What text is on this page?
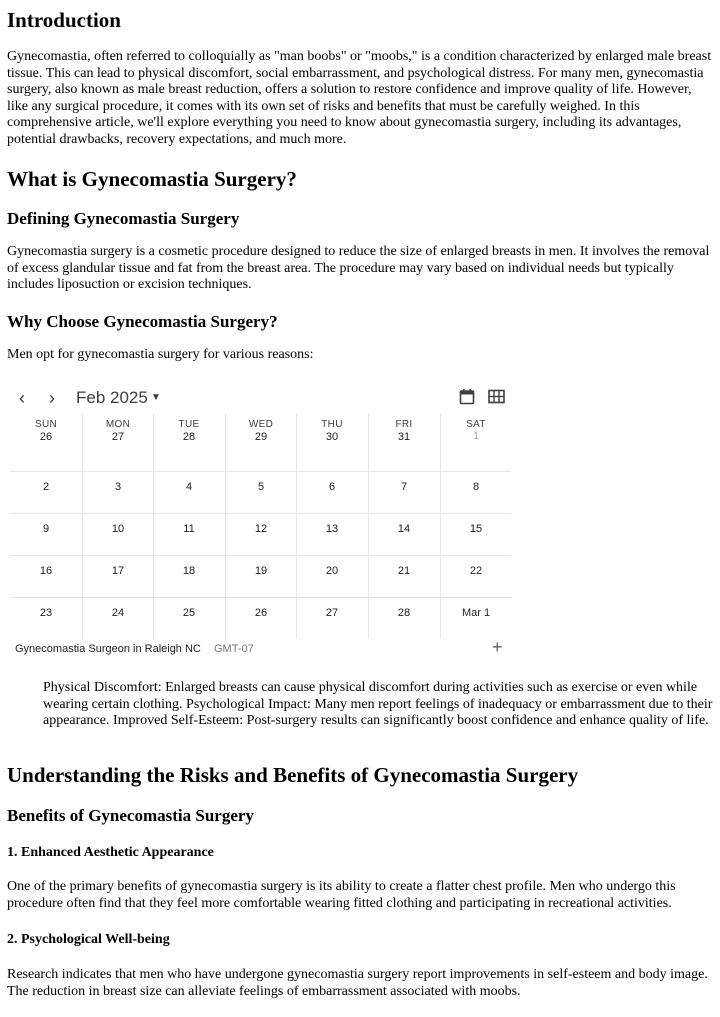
Introduction

Gynecomastia, often referred to colloquially as "man boobs" or "moobs," is a condition characterized by enlarged male breast tissue. This can lead to physical discomfort, social embarrassment, and psychological distress. For many men, gynecomastia surgery, also known as male breast reduction, offers a solution to restore confidence and improve quality of life. However, like any surgical procedure, it comes with its own set of risks and benefits that must be carefully weighed. In this comprehensive article, we'll explore everything you need to know about gynecomastia surgery, including its advantages, potential drawbacks, recovery expectations, and much more.

What is Gynecomastia Surgery?
Defining Gynecomastia Surgery

Gynecomastia surgery is a cosmetic procedure designed to reduce the size of enlarged breasts in men. It involves the removal of excess glandular tissue and fat from the breast area. The procedure may vary based on individual needs but typically includes liposuction or excision techniques.

Why Choose Gynecomastia Surgery?

Men opt for gynecomastia surgery for various reasons:

‹ › Feb 2025 ▼
SUN	MON	TUE	WED	THU	FRI	SAT
26	27	28	29	30	31	1
2	3	4	5	6	7	8
9	10	11	12	13	14	15
16	17	18	19	20	21	22
23	24	25	26	27	28	Mar 1
Gynecomastia Surgeon in Raleigh NC GMT-07	+

Physical Discomfort: Enlarged breasts can cause physical discomfort during activities such as exercise or even while wearing certain clothing. Psychological Impact: Many men report feelings of inadequacy or embarrassment due to their appearance. Improved Self-Esteem: Post-surgery results can significantly boost confidence and enhance quality of life.

Understanding the Risks and Benefits of Gynecomastia Surgery
Benefits of Gynecomastia Surgery
1. Enhanced Aesthetic Appearance

One of the primary benefits of gynecomastia surgery is its ability to create a flatter chest profile. Men who undergo this procedure often find that they feel more comfortable wearing fitted clothing and participating in recreational activities.

2. Psychological Well-being

Research indicates that men who have undergone gynecomastia surgery report improvements in self-esteem and body image. The reduction in breast size can alleviate feelings of embarrassment associated with moobs.
